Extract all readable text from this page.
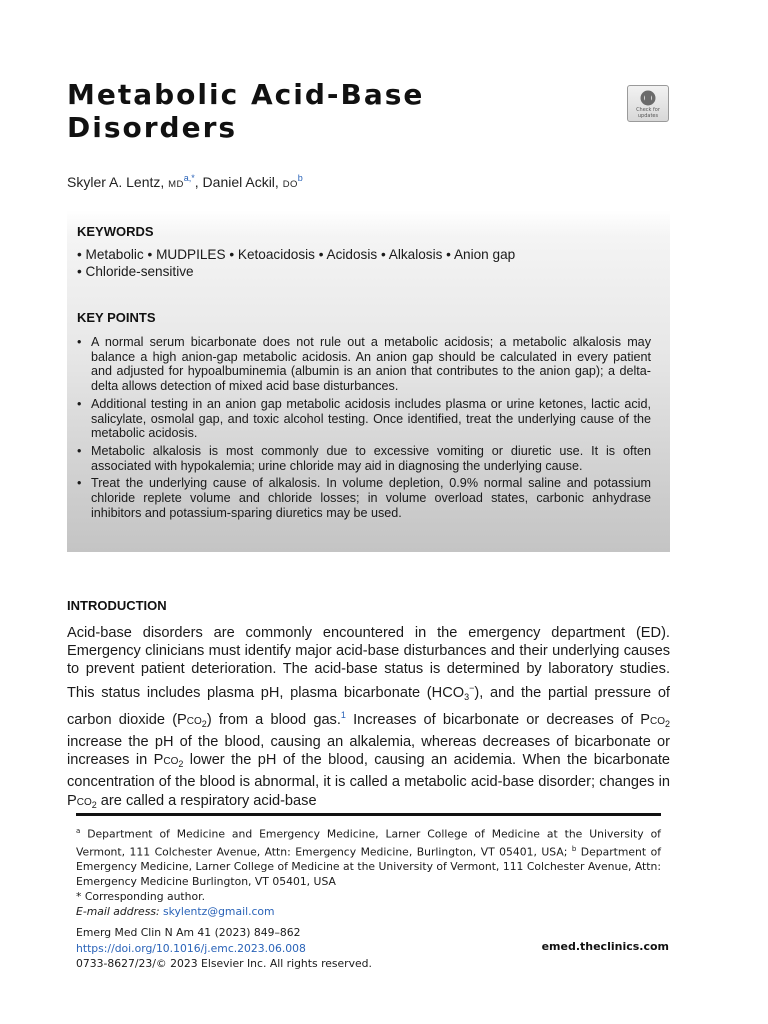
Metabolic Acid-Base
Disorders
Check for
updates
Skyler A. Lentz, $MD^{a,*}$, Daniel Ackil, $DO^b$
KEYWORDS
• Metabolic • MUDPILES • Ketoacidosis • Acidosis • Alkalosis • Anion gap
• Chloride-sensitive
KEY POINTS
• A normal serum bicarbonate does not rule out a metabolic acidosis; a metabolic alkalosis may balance a high anion-gap metabolic acidosis. An anion gap should be calculated in every patient and adjusted for hypoalbuminemia (albumin is an anion that contributes to the anion gap); a delta-delta allows detection of mixed acid base disturbances.
• Additional testing in an anion gap metabolic acidosis includes plasma or urine ketones, lactic acid, salicylate, osmolal gap, and toxic alcohol testing. Once identified, treat the underlying cause of the metabolic acidosis.
• Metabolic alkalosis is most commonly due to excessive vomiting or diuretic use. It is often associated with hypokalemia; urine chloride may aid in diagnosing the underlying cause.
• Treat the underlying cause of alkalosis. In volume depletion, 0.9% normal saline and potassium chloride replete volume and chloride losses; in volume overload states, carbonic anhydrase inhibitors and potassium-sparing diuretics may be used.
INTRODUCTION

Acid-base disorders are commonly encountered in the emergency department (ED). Emergency clinicians must identify major acid-base disturbances and their underlying causes to prevent patient deterioration. The acid-base status is determined by laboratory studies. This status includes plasma pH, plasma bicarbonate $(HCO_3^-)$, and the partial pressure of carbon dioxide $(PCO_2)$ from a blood gas.$^1$ Increases of bicarbonate or decreases of $PCO_2$ increase the pH of the blood, causing an alkalemia, whereas decreases of bicarbonate or increases in $PCO_2$ lower the pH of the blood, causing an acidemia. When the bicarbonate concentration of the blood is abnormal, it is called a metabolic acid-base disorder; changes in $PCO_2$ are called a respiratory acid-base

$^a$ Department of Medicine and Emergency Medicine, Larner College of Medicine at the University of Vermont, 111 Colchester Avenue, Attn: Emergency Medicine, Burlington, VT 05401, USA; $^b$ Department of Emergency Medicine, Larner College of Medicine at the University of Vermont, 111 Colchester Avenue, Attn: Emergency Medicine Burlington, VT 05401, USA

* Corresponding author.

E-mail address: skylentz@gmail.com

Emerg Med Clin N Am 41 (2023) 849–862
https://doi.org/10.1016/j.emc.2023.06.008
0733-8627/23/© 2023 Elsevier Inc. All rights reserved.
emed.theclinics.com
